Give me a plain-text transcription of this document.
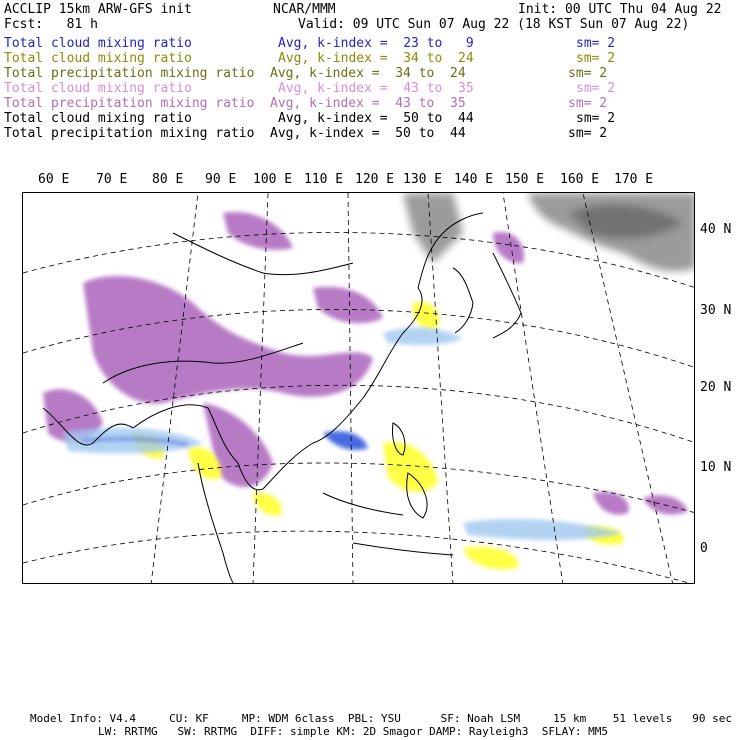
ACCLIP 15km ARW-GFS init	NCAR/MMM	Init: 00 UTC Thu 04 Aug 22
Fcst:   81 h	Valid: 09 UTC Sun 07 Aug 22 (18 KST Sun 07 Aug 22)
Total cloud mixing ratio	Avg, k-index =  23 to   9	sm= 2
Total cloud mixing ratio	Avg, k-index =  34 to  24	sm= 2
Total precipitation mixing ratio Avg, k-index =  34 to  24	sm= 2
Total cloud mixing ratio	Avg, k-index =  43 to  35	sm= 2
Total precipitation mixing ratio Avg, k-index =  43 to  35	sm= 2
Total cloud mixing ratio	Avg, k-index =  50 to  44	sm= 2
Total precipitation mixing ratio Avg, k-index =  50 to  44	sm= 2
60 E 70 E 80 E 90 E 100 E 110 E 120 E 130 E 140 E 150 E 160 E 170 E
40 N
30 N
20 N
10 N
0
Model Info: V4.4     CU: KF     MP: WDM 6class  PBL: YSU      SF: Noah LSM     15 km    51 levels   90 sec
LW: RRTMG   SW: RRTMG  DIFF: simple KM: 2D Smagor DAMP: Rayleigh3  SFLAY: MM5
